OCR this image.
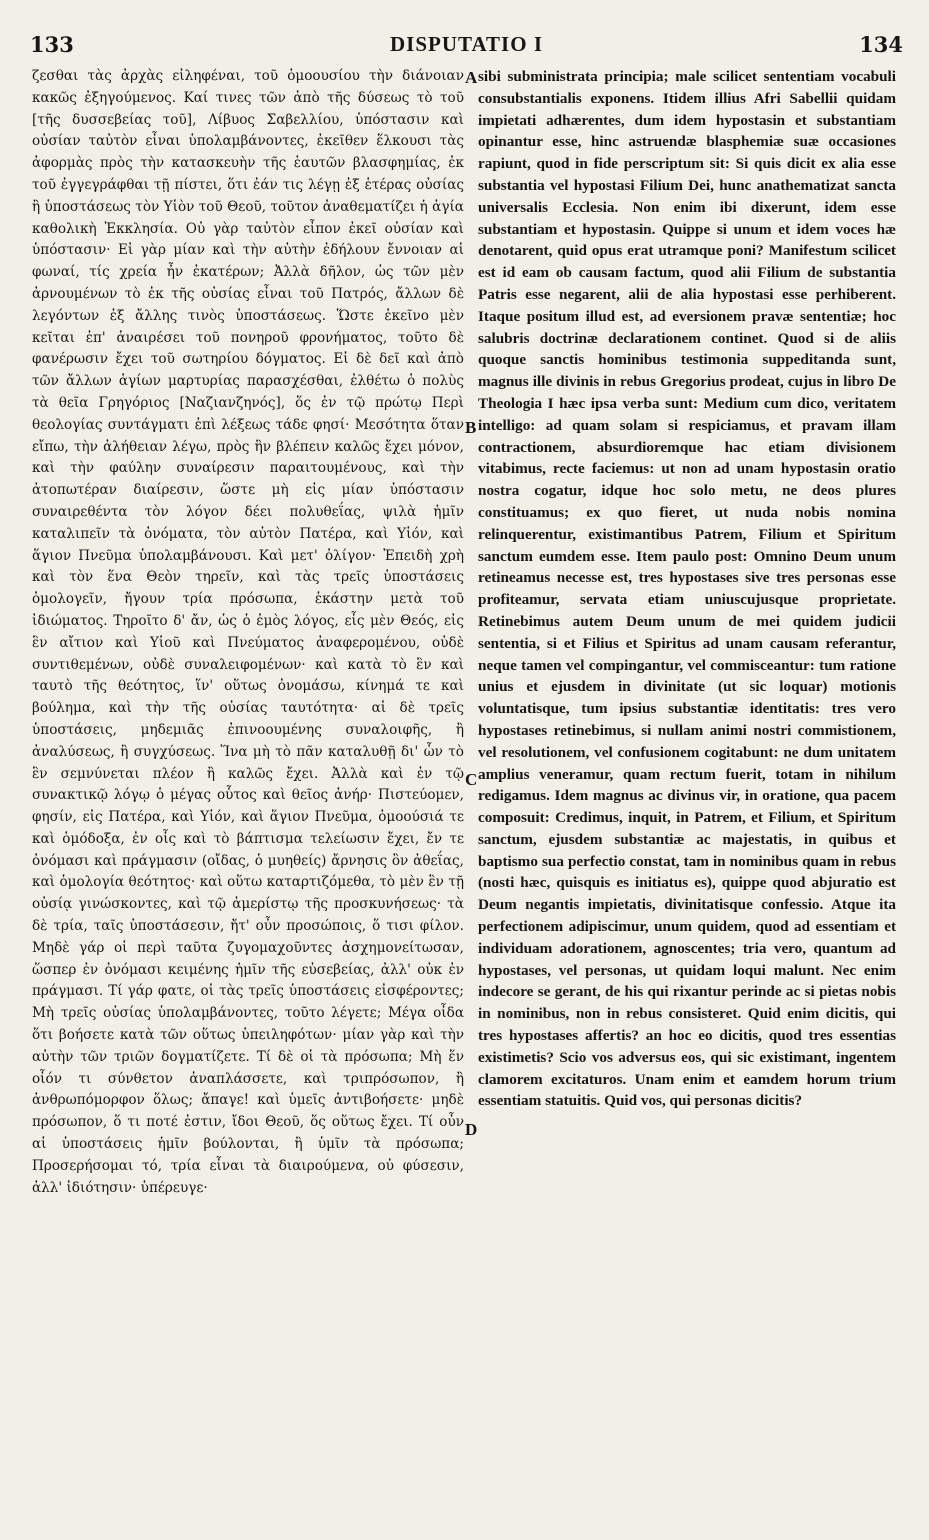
133	DISPUTATIO I	134

ζεσθαι τὰς ἀρχὰς εἰληφέναι, τοῦ ὁμοουσίου τὴν διάνοιαν κακῶς ἐξηγούμενος. Καί τινες τῶν ἀπὸ τῆς δύσεως τὸ τοῦ [τῆς δυσσεβείας τοῦ], Λίβυος Σαβελλίου, ὑπόστασιν καὶ οὐσίαν ταὐτὸν εἶναι ὑπολαμβάνοντες, ἐκεῖθεν ἕλκουσι τὰς ἀφορμὰς πρὸς τὴν κατασκευὴν τῆς ἑαυτῶν βλασφημίας, ἐκ τοῦ ἐγγεγράφθαι τῇ πίστει, ὅτι ἐάν τις λέγῃ ἐξ ἑτέρας οὐσίας ἢ ὑποστάσεως τὸν Υἱὸν τοῦ Θεοῦ, τοῦτον ἀναθεματίζει ἡ ἁγία καθολικὴ Ἐκκλησία. Οὐ γὰρ ταὐτὸν εἶπον ἐκεῖ οὐσίαν καὶ ὑπόστασιν· Εἰ γὰρ μίαν καὶ τὴν αὐτὴν ἐδήλουν ἔννοιαν αἱ φωναί, τίς χρεία ἦν ἑκατέρων; Ἀλλὰ δῆλον, ὡς τῶν μὲν ἀρνουμένων τὸ ἐκ τῆς οὐσίας εἶναι τοῦ Πατρός, ἄλλων δὲ λεγόντων ἐξ ἄλλης τινὸς ὑποστάσεως. Ὥστε ἐκεῖνο μὲν κεῖται ἐπ' ἀναιρέσει τοῦ πονηροῦ φρονήματος, τοῦτο δὲ φανέρωσιν ἔχει τοῦ σωτηρίου δόγματος. Εἰ δὲ δεῖ καὶ ἀπὸ τῶν ἄλλων ἁγίων μαρτυρίας παρασχέσθαι, ἐλθέτω ὁ πολὺς τὰ θεῖα Γρηγόριος [Ναζιανζηνός], ὅς ἐν τῷ πρώτῳ Περὶ θεολογίας συντάγματι ἐπὶ λέξεως τάδε φησί· Μεσότητα ὅταν εἴπω, τὴν ἀλήθειαν λέγω, πρὸς ἣν βλέπειν καλῶς ἔχει μόνον, καὶ τὴν φαύλην συναίρεσιν παραιτουμένους, καὶ τὴν ἀτοπωτέραν διαίρεσιν, ὥστε μὴ εἰς μίαν ὑπόστασιν συναιρεθέντα τὸν λόγον δέει πολυθεΐας, ψιλὰ ἡμῖν καταλιπεῖν τὰ ὀνόματα, τὸν αὐτὸν Πατέρα, καὶ Υἱόν, καὶ ἅγιον Πνεῦμα ὑπολαμβάνουσι. Καὶ μετ' ὀλίγον· Ἐπειδὴ χρὴ καὶ τὸν ἕνα Θεὸν τηρεῖν, καὶ τὰς τρεῖς ὑποστάσεις ὁμολογεῖν, ἤγουν τρία πρόσωπα, ἑκάστην μετὰ τοῦ ἰδιώματος. Τηροῖτο δ' ἄν, ὡς ὁ ἐμὸς λόγος, εἷς μὲν Θεός, εἰς ἓν αἴτιον καὶ Υἱοῦ καὶ Πνεύματος ἀναφερομένου, οὐδὲ συντιθεμένων, οὐδὲ συναλειφομένων· καὶ κατὰ τὸ ἓν καὶ ταυτὸ τῆς θεότητος, ἵν' οὕτως ὀνομάσω, κίνημά τε καὶ βούλημα, καὶ τὴν τῆς οὐσίας ταυτότητα· αἱ δὲ τρεῖς ὑποστάσεις, μηδεμιᾶς ἐπινοουμένης συναλοιφῆς, ἢ ἀναλύσεως, ἢ συγχύσεως. Ἵνα μὴ τὸ πᾶν καταλυθῇ δι' ὧν τὸ ἓν σεμνύνεται πλέον ἢ καλῶς ἔχει. Ἀλλὰ καὶ ἐν τῷ συνακτικῷ λόγῳ ὁ μέγας οὗτος καὶ θεῖος ἀνήρ· Πιστεύομεν, φησίν, εἰς Πατέρα, καὶ Υἱόν, καὶ ἅγιον Πνεῦμα, ὁμοούσιά τε καὶ ὁμόδοξα, ἐν οἷς καὶ τὸ βάπτισμα τελείωσιν ἔχει, ἔν τε ὀνόμασι καὶ πράγμασιν (οἴδας, ὁ μυηθείς) ἄρνησις ὂν ἀθεΐας, καὶ ὁμολογία θεότητος· καὶ οὕτω καταρτιζόμεθα, τὸ μὲν ἓν τῇ οὐσίᾳ γινώσκοντες, καὶ τῷ ἀμερίστῳ τῆς προσκυνήσεως· τὰ δὲ τρία, ταῖς ὑποστάσεσιν, ἤτ' οὖν προσώποις, ὅ τισι φίλον. Μηδὲ γάρ οἱ περὶ ταῦτα ζυγομαχοῦντες ἀσχημονείτωσαν, ὥσπερ ἐν ὀνόμασι κειμένης ἡμῖν τῆς εὐσεβείας, ἀλλ' οὐκ ἐν πράγμασι. Τί γάρ φατε, οἱ τὰς τρεῖς ὑποστάσεις εἰσφέροντες; Μὴ τρεῖς οὐσίας ὑπολαμβάνοντες, τοῦτο λέγετε; Μέγα οἶδα ὅτι βοήσετε κατὰ τῶν οὕτως ὑπειληφότων· μίαν γὰρ καὶ τὴν αὐτὴν τῶν τριῶν δογματίζετε. Τί δὲ οἱ τὰ πρόσωπα; Μὴ ἕν οἷόν τι σύνθετον ἀναπλάσσετε, καὶ τριπρόσωπον, ἢ ἀνθρωπόμορφον ὅλως; ἄπαγε! καὶ ὑμεῖς ἀντιβοήσετε· μηδὲ πρόσωπον, ὅ τι ποτέ ἐστιν, ἴδοι Θεοῦ, ὅς οὕτως ἔχει. Τί οὖν αἱ ὑποστάσεις ἡμῖν βούλονται, ἢ ὑμῖν τὰ πρόσωπα; Προσερήσομαι τό, τρία εἶναι τὰ διαιρούμενα, οὐ φύσεσιν, ἀλλ' ἰδιότησιν· ὑπέρευγε·

A
B
C
D

sibi subministrata principia; male scilicet sententiam vocabuli consubstantialis exponens. Itidem illius Afri Sabellii quidam impietati adhærentes, dum idem hypostasin et substantiam opinantur esse, hinc astruendæ blasphemiæ suæ occasiones rapiunt, quod in fide perscriptum sit: Si quis dicit ex alia esse substantia vel hypostasi Filium Dei, hunc anathematizat sancta universalis Ecclesia. Non enim ibi dixerunt, idem esse substantiam et hypostasin. Quippe si unum et idem voces hæ denotarent, quid opus erat utramque poni? Manifestum scilicet est id eam ob causam factum, quod alii Filium de substantia Patris esse negarent, alii de alia hypostasi esse perhiberent. Itaque positum illud est, ad eversionem pravæ sententiæ; hoc salubris doctrinæ declarationem continet. Quod si de aliis quoque sanctis hominibus testimonia suppeditanda sunt, magnus ille divinis in rebus Gregorius prodeat, cujus in libro De Theologia I hæc ipsa verba sunt: Medium cum dico, veritatem intelligo: ad quam solam si respiciamus, et pravam illam contractionem, absurdioremque hac etiam divisionem vitabimus, recte faciemus: ut non ad unam hypostasin oratio nostra cogatur, idque hoc solo metu, ne deos plures constituamus; ex quo fieret, ut nuda nobis nomina relinquerentur, existimantibus Patrem, Filium et Spiritum sanctum eumdem esse. Item paulo post: Omnino Deum unum retineamus necesse est, tres hypostases sive tres personas esse profiteamur, servata etiam uniuscujusque proprietate. Retinebimus autem Deum unum de mei quidem judicii sententia, si et Filius et Spiritus ad unam causam referantur, neque tamen vel compingantur, vel commisceantur: tum ratione unius et ejusdem in divinitate (ut sic loquar) motionis voluntatisque, tum ipsius substantiæ identitatis: tres vero hypostases retinebimus, si nullam animi nostri commistionem, vel resolutionem, vel confusionem cogitabunt: ne dum unitatem amplius veneramur, quam rectum fuerit, totam in nihilum redigamus. Idem magnus ac divinus vir, in oratione, qua pacem composuit: Credimus, inquit, in Patrem, et Filium, et Spiritum sanctum, ejusdem substantiæ ac majestatis, in quibus et baptismo sua perfectio constat, tam in nominibus quam in rebus (nosti hæc, quisquis es initiatus es), quippe quod abjuratio est Deum negantis impietatis, divinitatisque confessio. Atque ita perfectionem adipiscimur, unum quidem, quod ad essentiam et individuam adorationem, agnoscentes; tria vero, quantum ad hypostases, vel personas, ut quidam loqui malunt. Nec enim indecore se gerant, de his qui rixantur perinde ac si pietas nobis in nominibus, non in rebus consisteret. Quid enim dicitis, qui tres hypostases affertis? an hoc eo dicitis, quod tres essentias existimetis? Scio vos adversus eos, qui sic existimant, ingentem clamorem excitaturos. Unam enim et eamdem horum trium essentiam statuitis. Quid vos, qui personas dicitis?
